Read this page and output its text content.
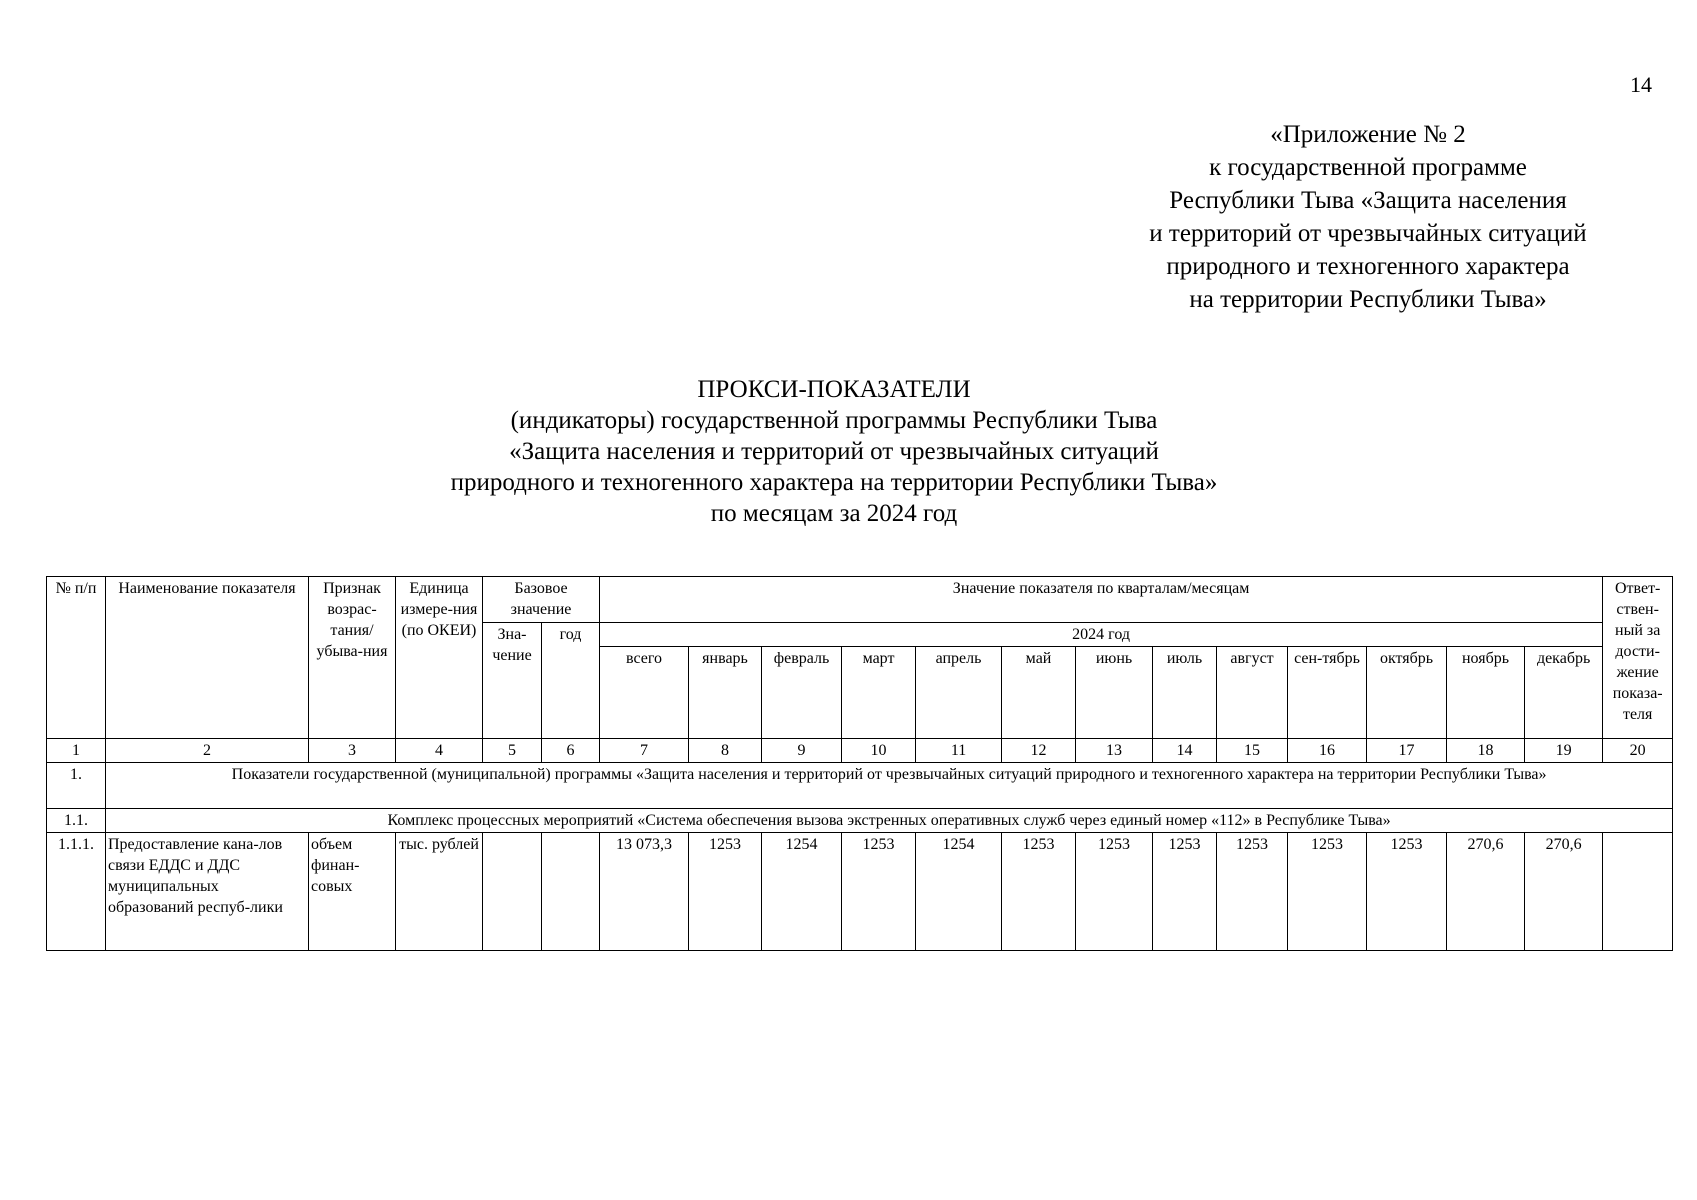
14
«Приложение № 2
к государственной программе
Республики Тыва «Защита населения
и территорий от чрезвычайных ситуаций
природного и техногенного характера
на территории Республики Тыва»
ПРОКСИ-ПОКАЗАТЕЛИ
(индикаторы) государственной программы Республики Тыва
«Защита населения и территорий от чрезвычайных ситуаций
природного и техногенного характера на территории Республики Тыва»
по месяцам за 2024 год
№ п/п	Наименование показателя	Признак возрас-тания/ убыва-ния	Единица измере-ния (по ОКЕИ)	Базовое значение		Значение показателя по кварталам/месяцам													Ответ-ствен-ный за дости-жение показа-теля
				Зна-чение	год	2024 год													
						всего	январь	февраль	март	апрель	май	июнь	июль	август	сен-тябрь	октябрь	ноябрь	декабрь	
1	2	3	4	5	6	7	8	9	10	11	12	13	14	15	16	17	18	19	20
1.	Показатели государственной (муниципальной) программы «Защита населения и территорий от чрезвычайных ситуаций природного и техногенного характера на территории Республики Тыва»																		
1.1.	Комплекс процессных мероприятий «Система обеспечения вызова экстренных оперативных служб через единый номер «112» в Республике Тыва»																		
1.1.1.	Предоставление кана-лов связи ЕДДС и ДДС муниципальных образований респуб-лики	объем финан-совых	тыс. рублей			13 073,3	1253	1254	1253	1254	1253	1253	1253	1253	1253	1253	270,6	270,6	
